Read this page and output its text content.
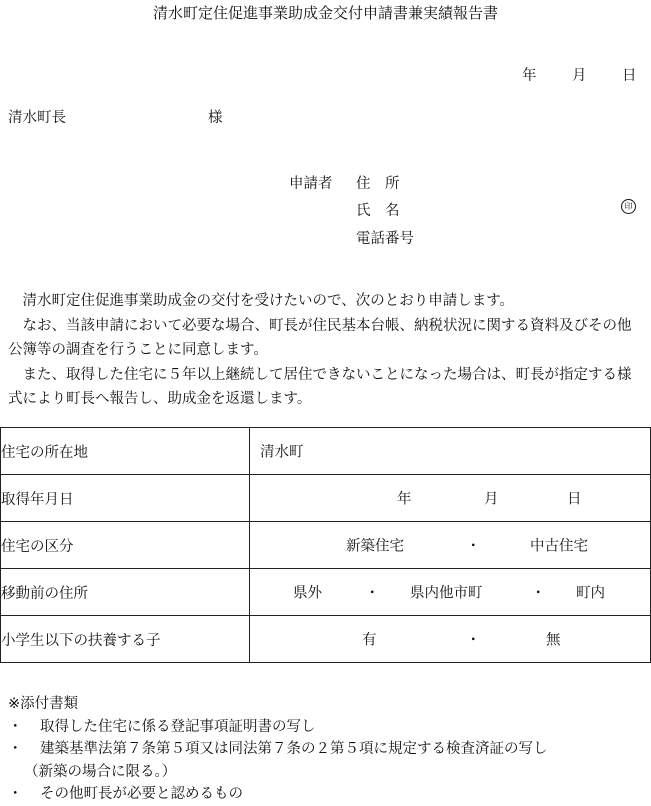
清水町定住促進事業助成金交付申請書兼実績報告書
年 月 日
清水町長	様
申請者 住　所
氏　名	印
電話番号

清水町定住促進事業助成金の交付を受けたいので、次のとおり申請します。

なお、当該申請において必要な場合、町長が住民基本台帳、納税状況に関する資料及びその他公簿等の調査を行うことに同意します。

また、取得した住宅に５年以上継続して居住できないことになった場合は、町長が指定する様式により町長へ報告し、助成金を返還します。

住宅の所在地	清水町

取得年月日	年 月 日

住宅の区分	新築住宅 ・ 中古住宅

移動前の住所	県外 ・ 県内他市町 ・ 町内

小学生以下の扶養する子	有 ・ 無
※添付書類
・ 取得した住宅に係る登記事項証明書の写し
・ 建築基準法第７条第５項又は同法第７条の２第５項に規定する検査済証の写し
（新築の場合に限る。）
・ その他町長が必要と認めるもの
